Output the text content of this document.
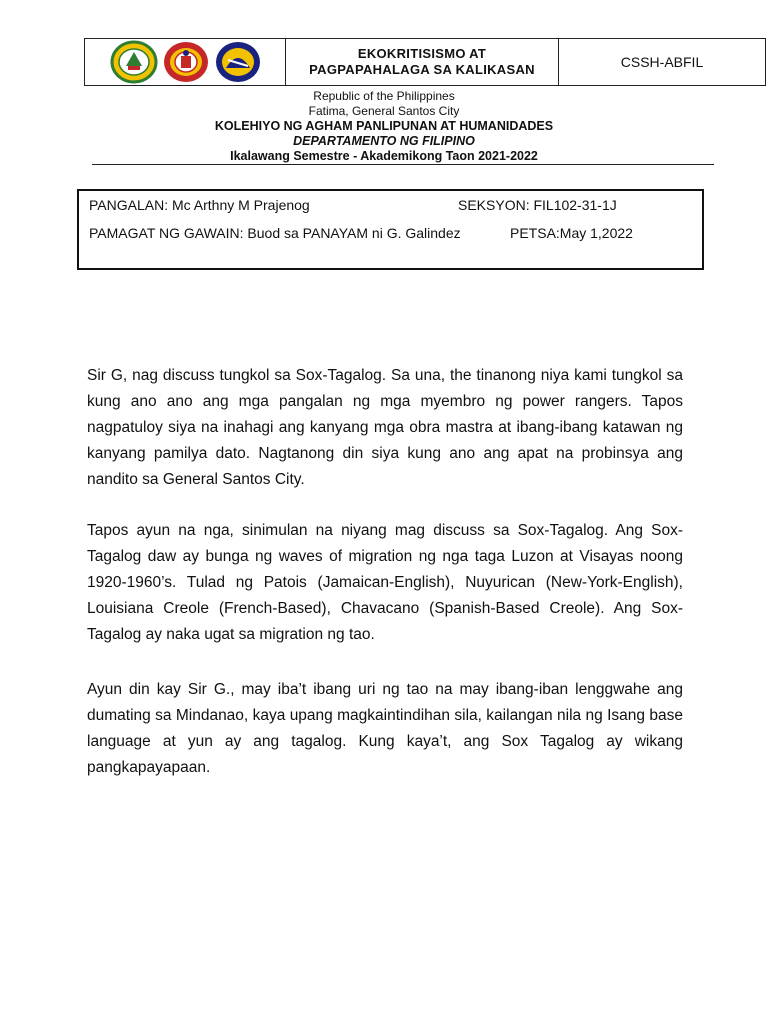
EKOKRITISISMO AT
PAGPAPAHALAGA SA KALIKASAN	CSSH-ABFIL
Republic of the Philippines
Fatima, General Santos City
KOLEHIYO NG AGHAM PANLIPUNAN AT HUMANIDADES
DEPARTAMENTO NG FILIPINO
Ikalawang Semestre - Akademikong Taon 2021-2022
PANGALAN: Mc Arthny M Prajenog	SEKSYON: FIL102-31-1J
PAMAGAT NG GAWAIN: Buod sa PANAYAM ni G. Galindez	PETSA:May 1,2022

Sir G, nag discuss tungkol sa Sox-Tagalog. Sa una, the tinanong niya kami tungkol sa kung ano ano ang mga pangalan ng mga myembro ng power rangers. Tapos nagpatuloy siya na inahagi ang kanyang mga obra mastra at ibang-ibang katawan ng kanyang pamilya dato. Nagtanong din siya kung ano ang apat na probinsya ang nandito sa General Santos City.

Tapos ayun na nga, sinimulan na niyang mag discuss sa Sox-Tagalog. Ang Sox-Tagalog daw ay bunga ng waves of migration ng nga taga Luzon at Visayas noong 1920-1960’s. Tulad ng Patois (Jamaican-English), Nuyurican (New-York-English), Louisiana Creole (French-Based), Chavacano (Spanish-Based Creole). Ang Sox-Tagalog ay naka ugat sa migration ng tao.

Ayun din kay Sir G., may iba’t ibang uri ng tao na may ibang-iban lenggwahe ang dumating sa Mindanao, kaya upang magkaintindihan sila, kailangan nila ng Isang base language at yun ay ang tagalog. Kung kaya’t, ang Sox Tagalog ay wikang pangkapayapaan.
